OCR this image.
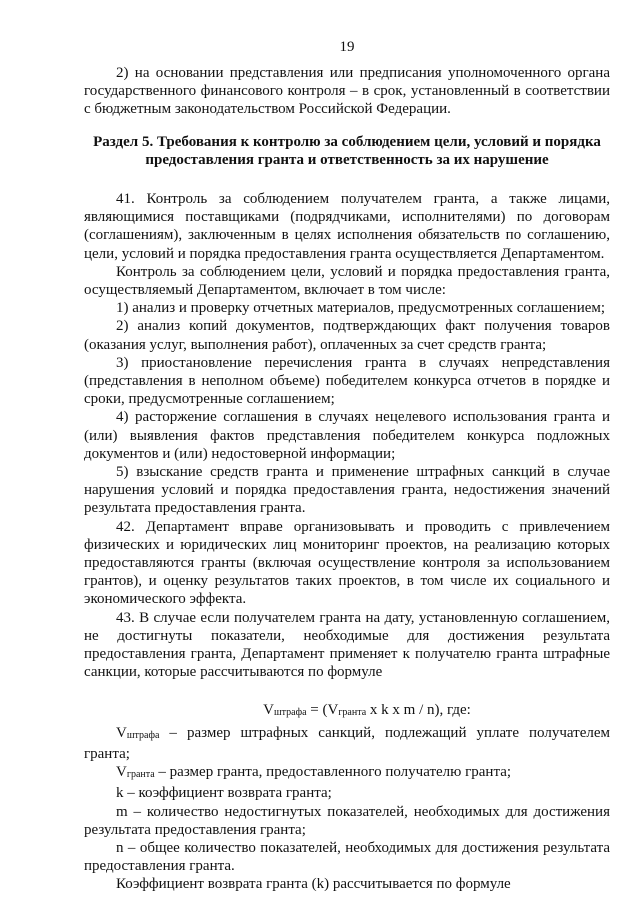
19

2) на основании представления или предписания уполномоченного органа государственного финансового контроля – в срок, установленный в соответствии с бюджетным законодательством Российской Федерации.

Раздел 5. Требования к контролю за соблюдением цели, условий и порядка предоставления гранта и ответственность за их нарушение

41. Контроль за соблюдением получателем гранта, а также лицами, являющимися поставщиками (подрядчиками, исполнителями) по договорам (соглашениям), заключенным в целях исполнения обязательств по соглашению, цели, условий и порядка предоставления гранта осуществляется Департаментом.

Контроль за соблюдением цели, условий и порядка предоставления гранта, осуществляемый Департаментом, включает в том числе:

1) анализ и проверку отчетных материалов, предусмотренных соглашением;

2) анализ копий документов, подтверждающих факт получения товаров (оказания услуг, выполнения работ), оплаченных за счет средств гранта;

3) приостановление перечисления гранта в случаях непредставления (представления в неполном объеме) победителем конкурса отчетов в порядке и сроки, предусмотренные соглашением;

4) расторжение соглашения в случаях нецелевого использования гранта и (или) выявления фактов представления победителем конкурса подложных документов и (или) недостоверной информации;

5) взыскание средств гранта и применение штрафных санкций в случае нарушения условий и порядка предоставления гранта, недостижения значений результата предоставления гранта.

42. Департамент вправе организовывать и проводить с привлечением физических и юридических лиц мониторинг проектов, на реализацию которых предоставляются гранты (включая осуществление контроля за использованием грантов), и оценку результатов таких проектов, в том числе их социального и экономического эффекта.

43. В случае если получателем гранта на дату, установленную соглашением, не достигнуты показатели, необходимые для достижения результата предоставления гранта, Департамент применяет к получателю гранта штрафные санкции, которые рассчитываются по формуле

Vштрафа = (Vгранта x k x m / n), где:

Vштрафа – размер штрафных санкций, подлежащий уплате получателем гранта;

Vгранта – размер гранта, предоставленного получателю гранта;

k – коэффициент возврата гранта;

m – количество недостигнутых показателей, необходимых для достижения результата предоставления гранта;

n – общее количество показателей, необходимых для достижения результата предоставления гранта.

Коэффициент возврата гранта (k) рассчитывается по формуле
